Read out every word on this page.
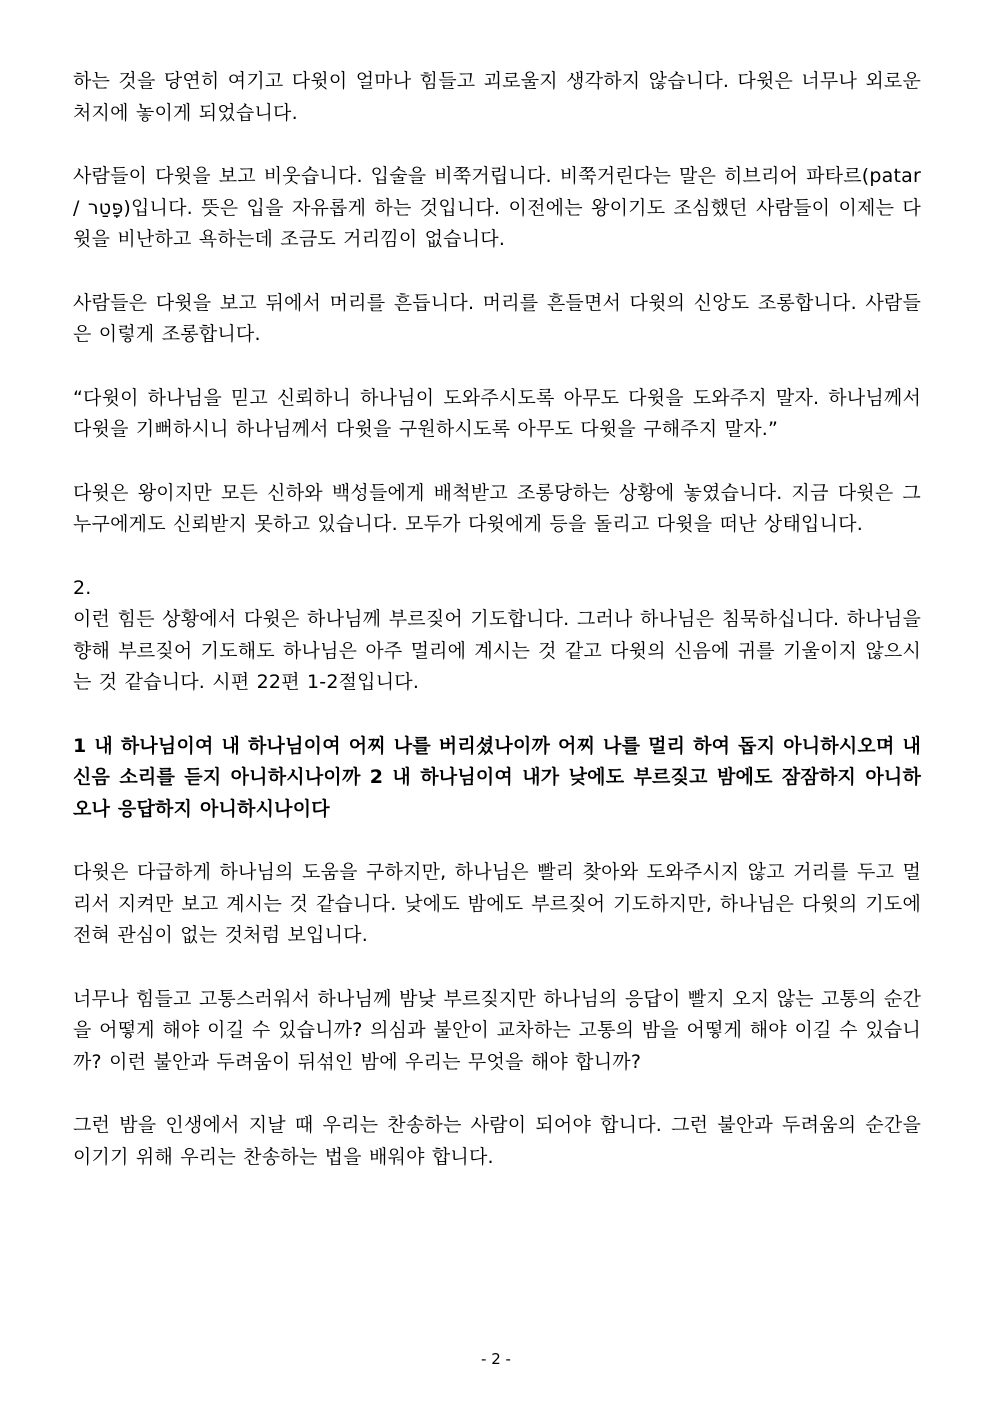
하는 것을 당연히 여기고 다윗이 얼마나 힘들고 괴로울지 생각하지 않습니다. 다윗은 너무나 외로운 처지에 놓이게 되었습니다.

사람들이 다윗을 보고 비웃습니다. 입술을 비쭉거립니다. 비쭉거린다는 말은 히브리어 파타르(patar / פָּטַר)입니다. 뜻은 입을 자유롭게 하는 것입니다. 이전에는 왕이기도 조심했던 사람들이 이제는 다윗을 비난하고 욕하는데 조금도 거리낌이 없습니다.

사람들은 다윗을 보고 뒤에서 머리를 흔듭니다. 머리를 흔들면서 다윗의 신앙도 조롱합니다. 사람들은 이렇게 조롱합니다.

“다윗이 하나님을 믿고 신뢰하니 하나님이 도와주시도록 아무도 다윗을 도와주지 말자. 하나님께서 다윗을 기뻐하시니 하나님께서 다윗을 구원하시도록 아무도 다윗을 구해주지 말자.”

다윗은 왕이지만 모든 신하와 백성들에게 배척받고 조롱당하는 상황에 놓였습니다. 지금 다윗은 그 누구에게도 신뢰받지 못하고 있습니다. 모두가 다윗에게 등을 돌리고 다윗을 떠난 상태입니다.

2.

이런 힘든 상황에서 다윗은 하나님께 부르짖어 기도합니다. 그러나 하나님은 침묵하십니다. 하나님을 향해 부르짖어 기도해도 하나님은 아주 멀리에 계시는 것 같고 다윗의 신음에 귀를 기울이지 않으시는 것 같습니다. 시편 22편 1-2절입니다.

1 내 하나님이여 내 하나님이여 어찌 나를 버리셨나이까 어찌 나를 멀리 하여 돕지 아니하시오며 내 신음 소리를 듣지 아니하시나이까 2 내 하나님이여 내가 낮에도 부르짖고 밤에도 잠잠하지 아니하오나 응답하지 아니하시나이다

다윗은 다급하게 하나님의 도움을 구하지만, 하나님은 빨리 찾아와 도와주시지 않고 거리를 두고 멀리서 지켜만 보고 계시는 것 같습니다. 낮에도 밤에도 부르짖어 기도하지만, 하나님은 다윗의 기도에 전혀 관심이 없는 것처럼 보입니다.

너무나 힘들고 고통스러워서 하나님께 밤낮 부르짖지만 하나님의 응답이 빨지 오지 않는 고통의 순간을 어떻게 해야 이길 수 있습니까? 의심과 불안이 교차하는 고통의 밤을 어떻게 해야 이길 수 있습니까? 이런 불안과 두려움이 뒤섞인 밤에 우리는 무엇을 해야 합니까?

그런 밤을 인생에서 지날 때 우리는 찬송하는 사람이 되어야 합니다. 그런 불안과 두려움의 순간을 이기기 위해 우리는 찬송하는 법을 배워야 합니다.

- 2 -
